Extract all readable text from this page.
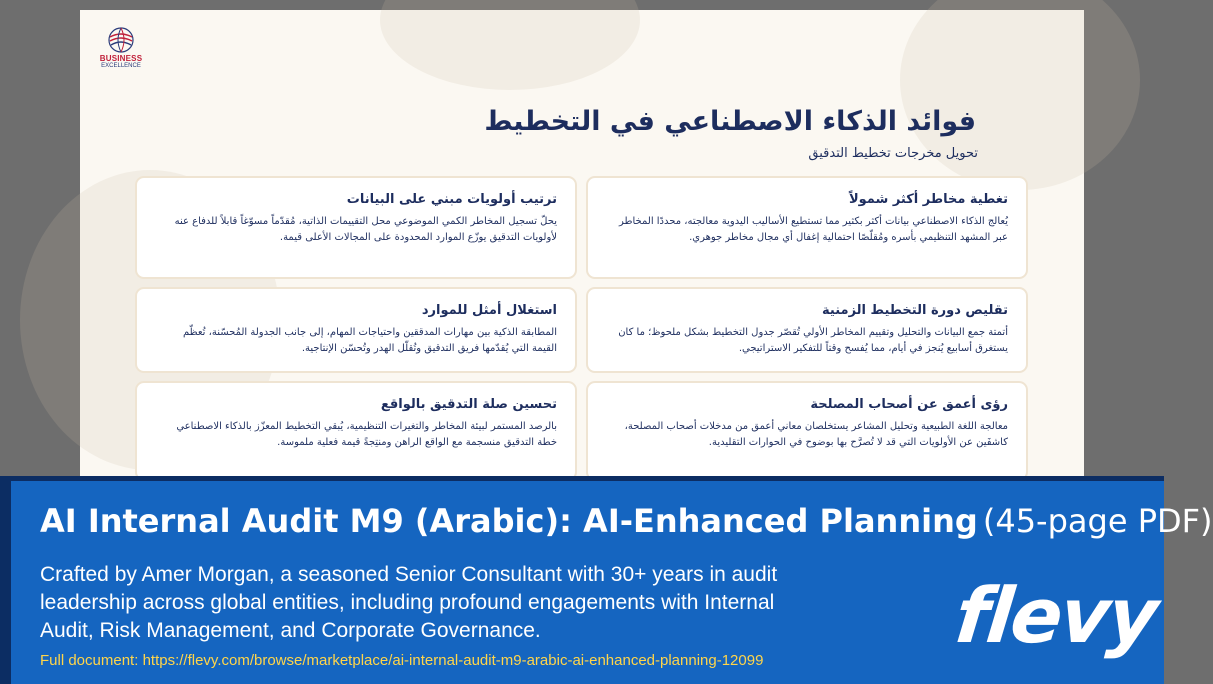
BUSINESS
EXCELLENCE
فوائد الذكاء الاصطناعي في التخطيط
تحويل مخرجات تخطيط التدقيق
تغطية مخاطر أكثر شمولاً
يُعالج الذكاء الاصطناعي بيانات أكثر بكثير مما تستطيع الأساليب اليدوية معالجته، محددًا المخاطر عبر المشهد التنظيمي بأسره ومُقلّصًا احتمالية إغفال أي مجال مخاطر جوهري.
ترتيب أولويات مبني على البيانات
يحلّ تسجيل المخاطر الكمي الموضوعي محل التقييمات الذاتية، مُقدّماً مسوّغاً قابلاً للدفاع عنه لأولويات التدقيق يوزّع الموارد المحدودة على المجالات الأعلى قيمة.
تقليص دورة التخطيط الزمنية
أتمتة جمع البيانات والتحليل وتقييم المخاطر الأولي تُقصّر جدول التخطيط بشكل ملحوظ؛ ما كان يستغرق أسابيع يُنجز في أيام، مما يُفسح وقتاً للتفكير الاستراتيجي.
استغلال أمثل للموارد
المطابقة الذكية بين مهارات المدققين واحتياجات المهام، إلى جانب الجدولة المُحسّنة، تُعظّم القيمة التي يُقدّمها فريق التدقيق وتُقلّل الهدر وتُحسّن الإنتاجية.
رؤى أعمق عن أصحاب المصلحة
معالجة اللغة الطبيعية وتحليل المشاعر يستخلصان معاني أعمق من مدخلات أصحاب المصلحة، كاشفَين عن الأولويات التي قد لا تُصرَّح بها بوضوح في الحوارات التقليدية.
تحسين صلة التدقيق بالواقع
بالرصد المستمر لبيئة المخاطر والتغيرات التنظيمية، يُبقي التخطيط المعزّز بالذكاء الاصطناعي خطة التدقيق منسجمة مع الواقع الراهن ومنتِجةً قيمة فعلية ملموسة.
AI Internal Audit M9 (Arabic): AI-Enhanced Planning (45-page PDF)
Crafted by Amer Morgan, a seasoned Senior Consultant with 30+ years in audit leadership across global entities, including profound engagements with Internal Audit, Risk Management, and Corporate Governance.
Full document: https://flevy.com/browse/marketplace/ai-internal-audit-m9-arabic-ai-enhanced-planning-12099
flevy
